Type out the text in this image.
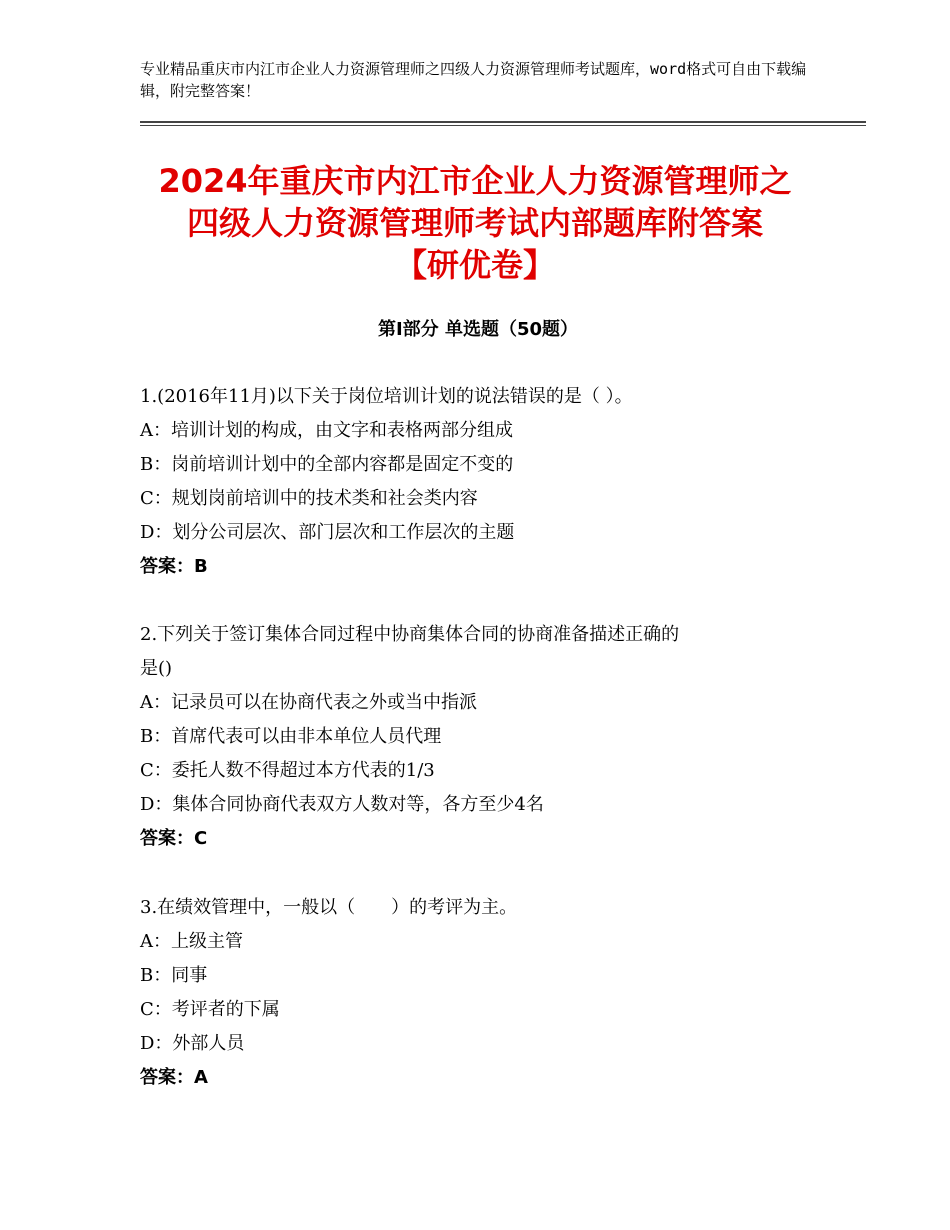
专业精品重庆市内江市企业人力资源管理师之四级人力资源管理师考试题库，word格式可自由下载编辑，附完整答案！
2024年重庆市内江市企业人力资源管理师之
四级人力资源管理师考试内部题库附答案
【研优卷】
第Ⅰ部分 单选题（50题）
1.(2016年11月)以下关于岗位培训计划的说法错误的是（ ）。
A：培训计划的构成，由文字和表格两部分组成
B：岗前培训计划中的全部内容都是固定不变的
C：规划岗前培训中的技术类和社会类内容
D：划分公司层次、部门层次和工作层次的主题
答案：B
2.下列关于签订集体合同过程中协商集体合同的协商准备描述正确的
是()
A：记录员可以在协商代表之外或当中指派
B：首席代表可以由非本单位人员代理
C：委托人数不得超过本方代表的1/3
D：集体合同协商代表双方人数对等，各方至少4名
答案：C
3.在绩效管理中，一般以（　　）的考评为主。
A：上级主管
B：同事
C：考评者的下属
D：外部人员
答案：A
